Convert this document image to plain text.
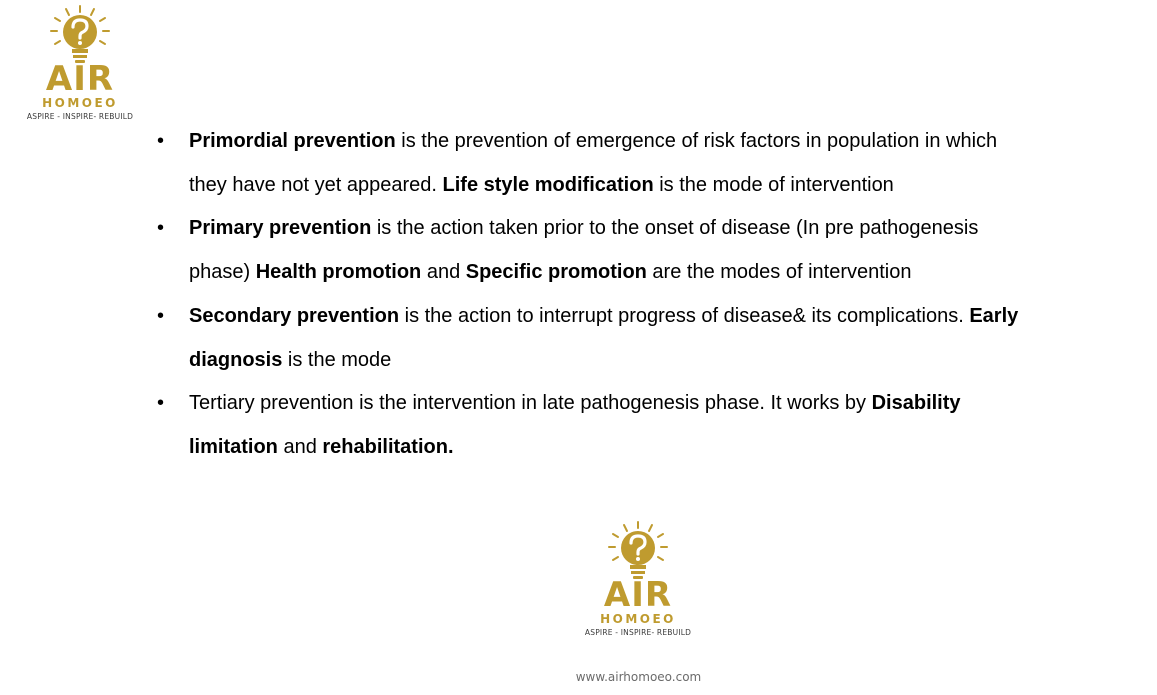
AIR
HOMOEO
ASPIRE - INSPIRE- REBUILD
•	Primordial prevention is the prevention of emergence of risk factors in population in which they have not yet appeared. Life style modification is the mode of intervention
•	Primary prevention is the action taken prior to the onset of disease (In pre pathogenesis phase) Health promotion and Specific promotion are the modes of intervention
•	Secondary prevention is the action to interrupt progress of disease& its complications. Early diagnosis is the mode
•	Tertiary prevention is the intervention in late pathogenesis phase. It works by Disability limitation and rehabilitation.
AIR
HOMOEO
ASPIRE - INSPIRE- REBUILD
www.airhomoeo.com
